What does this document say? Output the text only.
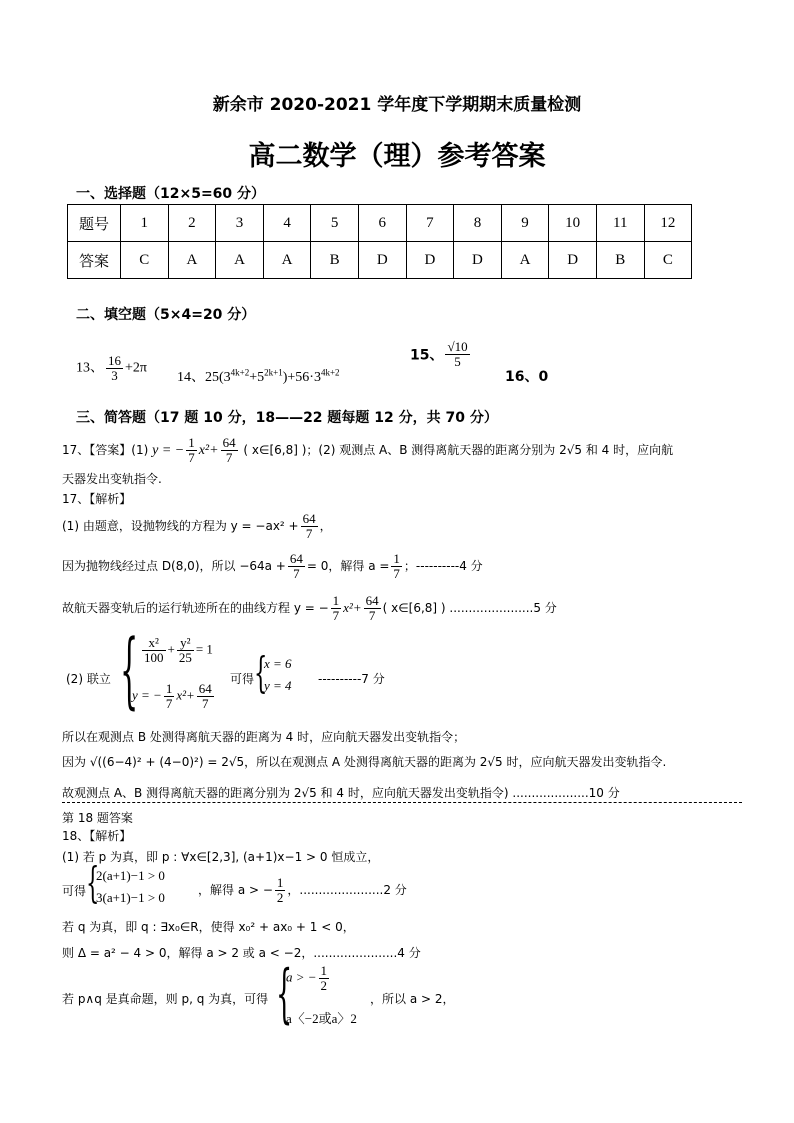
新余市 2020-2021 学年度下学期期末质量检测
高二数学（理）参考答案
一、选择题（12×5=60 分）
题号	1	2	3	4	5	6	7	8	9	10	11	12
答案	C	A	A	A	B	D	D	D	A	D	B	C
二、填空题（5×4=20 分）
13、 $\frac{16}{3} +2\pi$
14、$25(3^{4k+2}+5^{2k+1})+56\cdot 3^{4k+2}$
15、 $\frac{√10}{5}$
16、0
三、简答题（17 题 10 分，18——22 题每题 12 分，共 70 分）
17、【答案】(1) y = − $\frac{1}{7} x^2+ \frac{64}{7}$ ( x∈[6,8] )；(2) 观测点 A、B 测得离航天器的距离分别为 2√5 和 4 时，应向航
天器发出变轨指令.
17、【解析】
(1) 由题意，设抛物线的方程为 $y = -ax^2 + \frac{64}{7}$ ，
因为抛物线经过点 D(8,0)，所以 $-64a + \frac{64}{7} = 0$，解得 $a = \frac{1}{7}$ ；----------4 分
故航天器变轨后的运行轨迹所在的曲线方程 y = − $\frac{1}{7} x^2+ \frac{64}{7}$ ( x∈[6,8] ) ......................5 分
(2) 联立 { $\frac{\text{x²}}{100} + \frac{\text{y²}}{25} = 1$
y = − $\frac{1}{7} x^2+ \frac{64}{7}$
可得 {
x = 6
y = 4 ----------7 分
所以在观测点 B 处测得离航天器的距离为 4 时，应向航天器发出变轨指令；
因为 √((6−4)² + (4−0)²) = 2√5，所以在观测点 A 处测得离航天器的距离为 2√5 时，应向航天器发出变轨指令.
故观测点 A、B 测得离航天器的距离分别为 2√5 和 4 时，应向航天器发出变轨指令) ....................10 分
第 18 题答案
18、【解析】
(1) 若 p 为真，即 p : ∀x∈[2,3], (a+1)x−1 > 0 恒成立，
可得 {
2(a+1)−1 > 0
3(a+1)−1 > 0	，解得 a > − $\frac{1}{2}$ ，......................2 分
若 q 为真，即 q : ∃x₀∈R，使得 x₀² + ax₀ + 1 < 0，
则 Δ = a² − 4 > 0，解得 a > 2 或 a < −2，......................4 分
若 p∧q 是真命题，则 p, q 为真，可得 {
a > − $\frac{1}{2}$
a〈−2或a〉2
，所以 a > 2，
